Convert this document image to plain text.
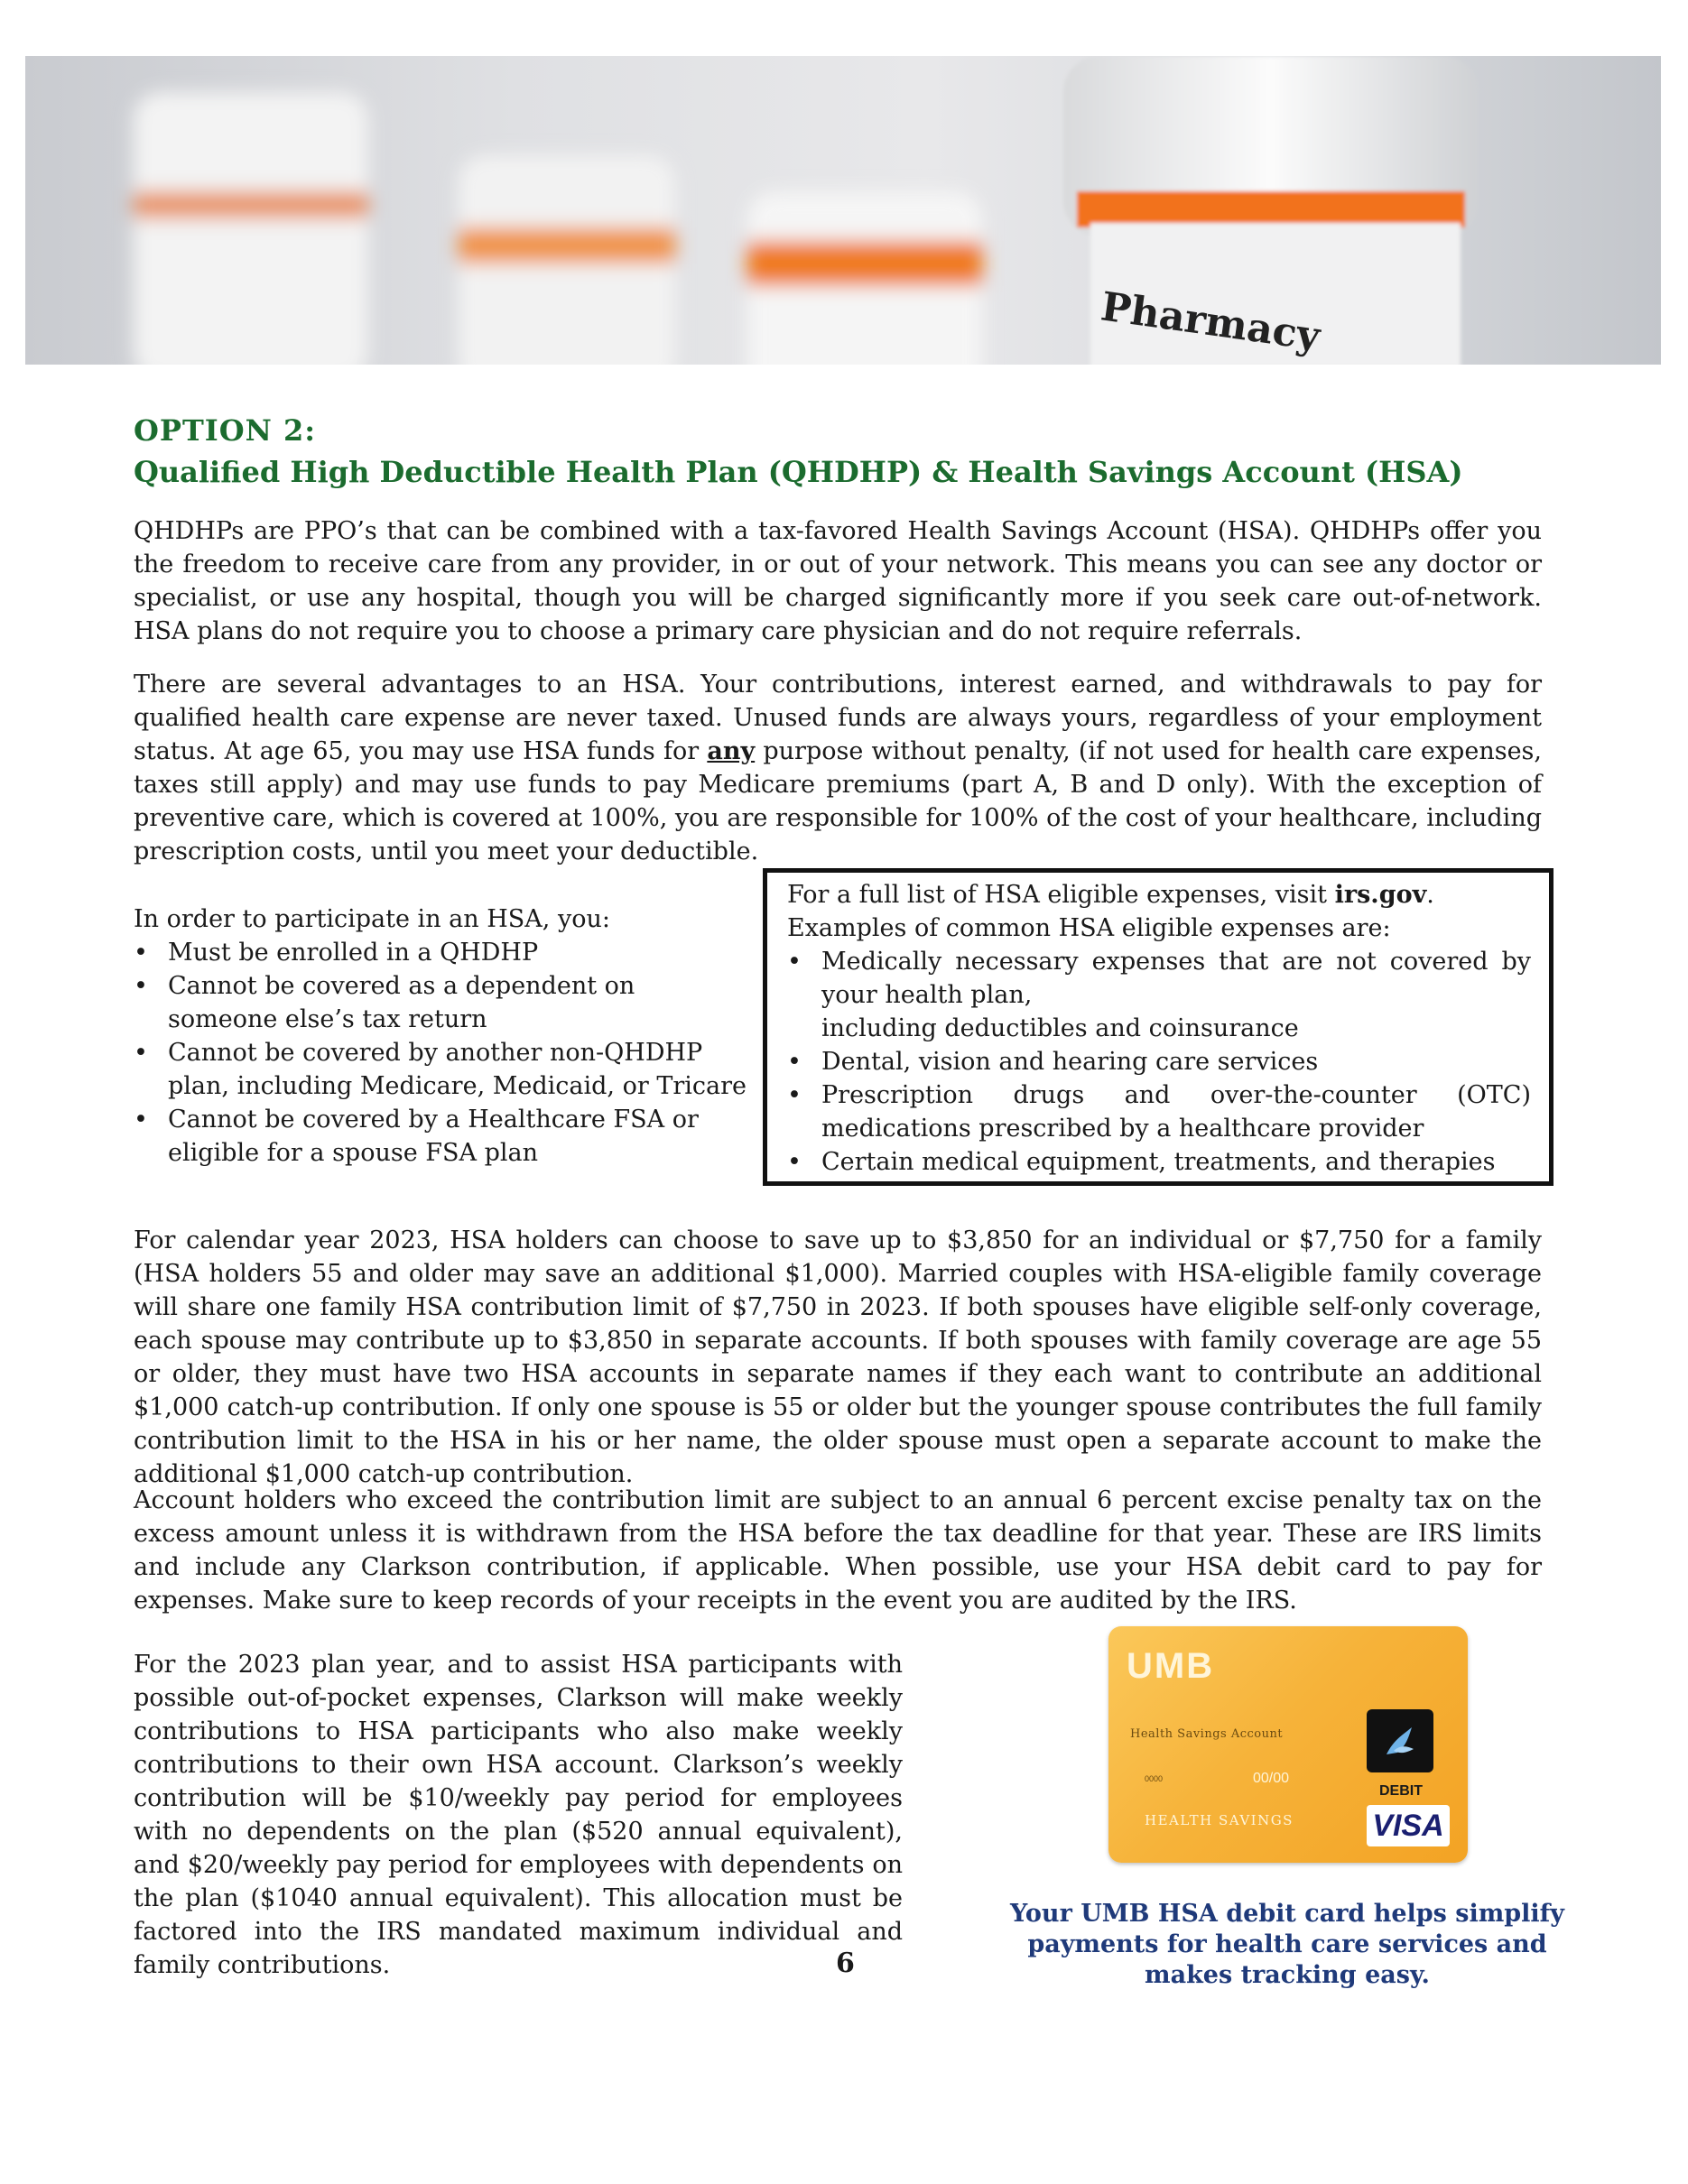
Pharmacy
OPTION 2:
Qualified High Deductible Health Plan (QHDHP) & Health Savings Account (HSA)

QHDHPs are PPO’s that can be combined with a tax-favored Health Savings Account (HSA). QHDHPs offer you the freedom to receive care from any provider, in or out of your network. This means you can see any doctor or specialist, or use any hospital, though you will be charged significantly more if you seek care out-of-network. HSA plans do not require you to choose a primary care physician and do not require referrals.

There are several advantages to an HSA. Your contributions, interest earned, and withdrawals to pay for qualified health care expense are never taxed. Unused funds are always yours, regardless of your employment status. At age 65, you may use HSA funds for any purpose without penalty, (if not used for health care expenses, taxes still apply) and may use funds to pay Medicare premiums (part A, B and D only). With the exception of preventive care, which is covered at 100%, you are responsible for 100% of the cost of your healthcare, including prescription costs, until you meet your deductible.

In order to participate in an HSA, you:

• Must be enrolled in a QHDHP
• Cannot be covered as a dependent on someone else’s tax return
• Cannot be covered by another non-QHDHP plan, including Medicare, Medicaid, or Tricare
• Cannot be covered by a Healthcare FSA or eligible for a spouse FSA plan
For a full list of HSA eligible expenses, visit irs.gov.
Examples of common HSA eligible expenses are:
• Medically necessary expenses that are not covered by your health plan,
including deductibles and coinsurance
• Dental, vision and hearing care services
• Prescription drugs and over-the-counter (OTC) medications prescribed by a healthcare provider
• Certain medical equipment, treatments, and therapies

For calendar year 2023, HSA holders can choose to save up to $3,850 for an individual or $7,750 for a family (HSA holders 55 and older may save an additional $1,000). Married couples with HSA-eligible family coverage will share one family HSA contribution limit of $7,750 in 2023. If both spouses have eligible self-only coverage, each spouse may contribute up to $3,850 in separate accounts. If both spouses with family coverage are age 55 or older, they must have two HSA accounts in separate names if they each want to contribute an additional $1,000 catch-up contribution. If only one spouse is 55 or older but the younger spouse contributes the full family contribution limit to the HSA in his or her name, the older spouse must open a separate account to make the additional $1,000 catch-up contribution.

Account holders who exceed the contribution limit are subject to an annual 6 percent excise penalty tax on the excess amount unless it is withdrawn from the HSA before the tax deadline for that year. These are IRS limits and include any Clarkson contribution, if applicable. When possible, use your HSA debit card to pay for expenses. Make sure to keep records of your receipts in the event you are audited by the IRS.

For the 2023 plan year, and to assist HSA participants with possible out-of-pocket expenses, Clarkson will make weekly contributions to HSA participants who also make weekly contributions to their own HSA account. Clarkson’s weekly contribution will be $10/weekly pay period for employees with no dependents on the plan ($520 annual equivalent), and $20/weekly pay period for employees with dependents on the plan ($1040 annual equivalent). This allocation must be factored into the IRS mandated maximum individual and family contributions.

UMB
Health Savings Account
0000	00/00
HEALTH SAVINGS
DEBIT
VISA
Your UMB HSA debit card helps simplify payments for health care services and makes tracking easy.
6
